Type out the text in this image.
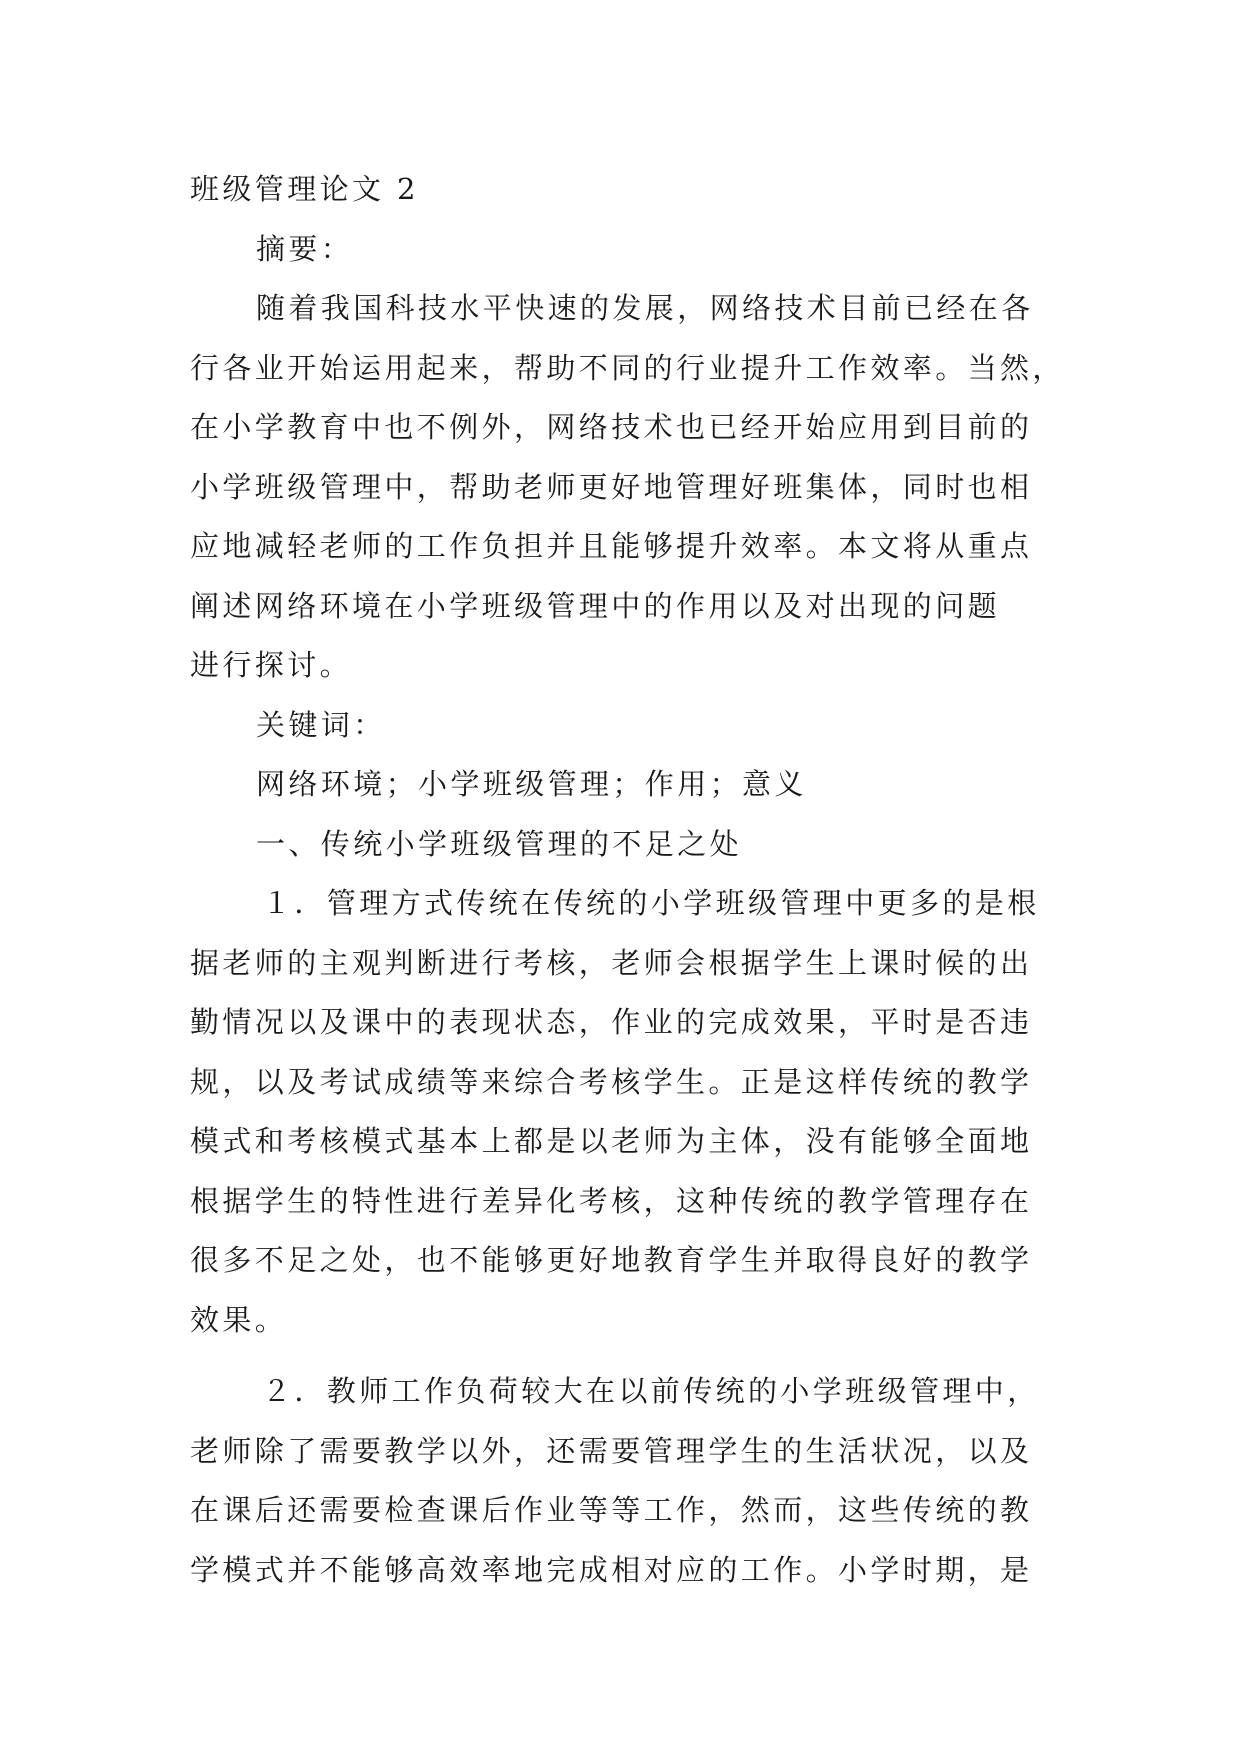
班级管理论文 2
摘要：
随着我国科技水平快速的发展，网络技术目前已经在各
行各业开始运用起来，帮助不同的行业提升工作效率。当然，
在小学教育中也不例外，网络技术也已经开始应用到目前的
小学班级管理中，帮助老师更好地管理好班集体，同时也相
应地减轻老师的工作负担并且能够提升效率。本文将从重点
阐述网络环境在小学班级管理中的作用以及对出现的问题
进行探讨。
关键词：
网络环境；小学班级管理；作用；意义
一、传统小学班级管理的不足之处
１．管理方式传统在传统的小学班级管理中更多的是根
据老师的主观判断进行考核，老师会根据学生上课时候的出
勤情况以及课中的表现状态，作业的完成效果，平时是否违
规，以及考试成绩等来综合考核学生。正是这样传统的教学
模式和考核模式基本上都是以老师为主体，没有能够全面地
根据学生的特性进行差异化考核，这种传统的教学管理存在
很多不足之处，也不能够更好地教育学生并取得良好的教学
效果。
２．教师工作负荷较大在以前传统的小学班级管理中，
老师除了需要教学以外，还需要管理学生的生活状况，以及
在课后还需要检查课后作业等等工作，然而，这些传统的教
学模式并不能够高效率地完成相对应的工作。小学时期，是
